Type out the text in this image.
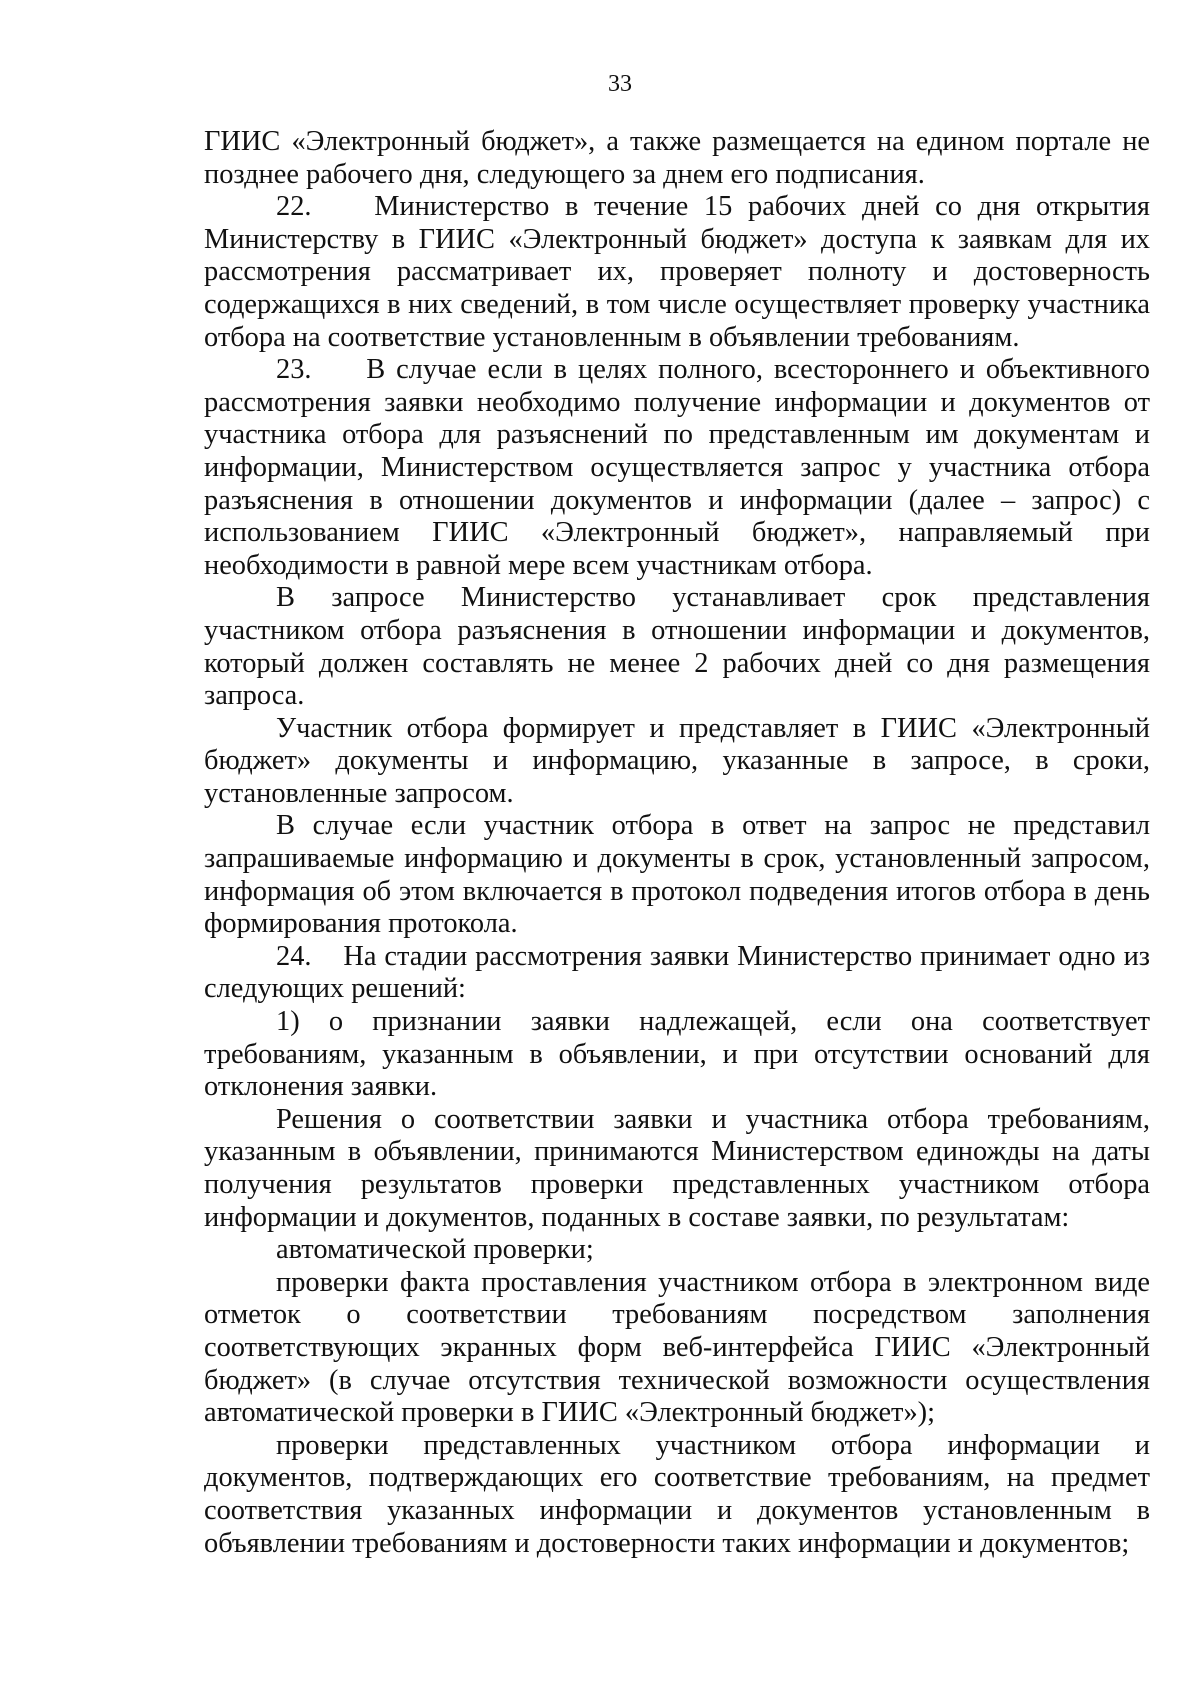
33

ГИИС «Электронный бюджет», а также размещается на едином портале не позднее рабочего дня, следующего за днем его подписания.

22.    Министерство в течение 15 рабочих дней со дня открытия Министерству в ГИИС «Электронный бюджет» доступа к заявкам для их рассмотрения рассматривает их, проверяет полноту и достоверность содержащихся в них сведений, в том числе осуществляет проверку участника отбора на соответствие установленным в объявлении требованиям.

23.     В случае если в целях полного, всестороннего и объективного рассмотрения заявки необходимо получение информации и документов от участника отбора для разъяснений по представленным им документам и информации, Министерством осуществляется запрос у участника отбора разъяснения в отношении документов и информации (далее – запрос) с использованием ГИИС «Электронный бюджет», направляемый при необходимости в равной мере всем участникам отбора.

В запросе Министерство устанавливает срок представления участником отбора разъяснения в отношении информации и документов, который должен составлять не менее 2 рабочих дней со дня размещения запроса.

Участник отбора формирует и представляет в ГИИС «Электронный бюджет» документы и информацию, указанные в запросе, в сроки, установленные запросом.

В случае если участник отбора в ответ на запрос не представил запрашиваемые информацию и документы в срок, установленный запросом, информация об этом включается в протокол подведения итогов отбора в день формирования протокола.

24.    На стадии рассмотрения заявки Министерство принимает одно из следующих решений:

1) о признании заявки надлежащей, если она соответствует требованиям, указанным в объявлении, и при отсутствии оснований для отклонения заявки.

Решения о соответствии заявки и участника отбора требованиям, указанным в объявлении, принимаются Министерством единожды на даты получения результатов проверки представленных участником отбора информации и документов, поданных в составе заявки, по результатам:

автоматической проверки;

проверки факта проставления участником отбора в электронном виде отметок о соответствии требованиям посредством заполнения соответствующих экранных форм веб-интерфейса ГИИС «Электронный бюджет» (в случае отсутствия технической возможности осуществления автоматической проверки в ГИИС «Электронный бюджет»);

проверки представленных участником отбора информации и документов, подтверждающих его соответствие требованиям, на предмет соответствия указанных информации и документов установленным в объявлении требованиям и достоверности таких информации и документов;
